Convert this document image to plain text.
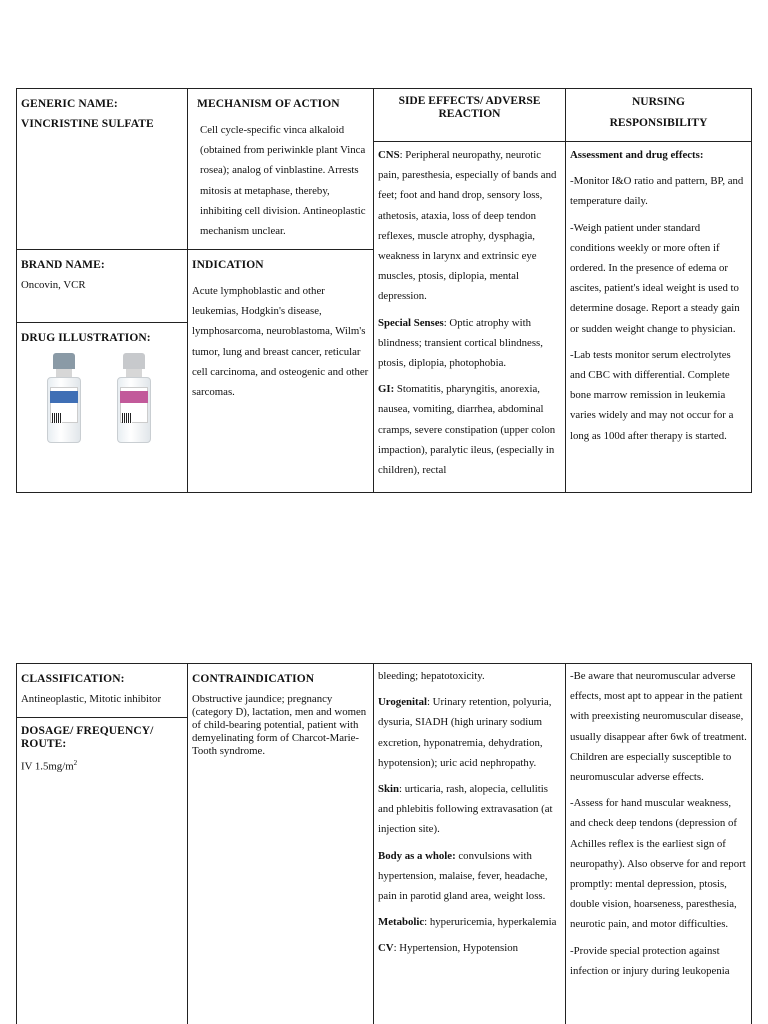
GENERIC NAME:
VINCRISTINE SULFATE
BRAND NAME:
Oncovin, VCR
DRUG ILLUSTRATION:
MECHANISM OF ACTION
Cell cycle-specific vinca alkaloid (obtained from periwinkle plant Vinca rosea); analog of vinblastine. Arrests mitosis at metaphase, thereby, inhibiting cell division. Antineoplastic mechanism unclear.
INDICATION
Acute lymphoblastic and other leukemias, Hodgkin's disease, lymphosarcoma, neuroblastoma, Wilm's tumor, lung and breast cancer, reticular cell carcinoma, and osteogenic and other sarcomas.
SIDE EFFECTS/ ADVERSE REACTION

CNS: Peripheral neuropathy, neurotic pain, paresthesia, especially of bands and feet; foot and hand drop, sensory loss, athetosis, ataxia, loss of deep tendon reflexes, muscle atrophy, dysphagia, weakness in larynx and extrinsic eye muscles, ptosis, diplopia, mental depression.

Special Senses: Optic atrophy with blindness; transient cortical blindness, ptosis, diplopia, photophobia.

GI: Stomatitis, pharyngitis, anorexia, nausea, vomiting, diarrhea, abdominal cramps, severe constipation (upper colon impaction), paralytic ileus, (especially in children), rectal

NURSING
RESPONSIBILITY

Assessment and drug effects:

-Monitor I&O ratio and pattern, BP, and temperature daily.

-Weigh patient under standard conditions weekly or more often if ordered. In the presence of edema or ascites, patient's ideal weight is used to determine dosage. Report a steady gain or sudden weight change to physician.

-Lab tests monitor serum electrolytes and CBC with differential. Complete bone marrow remission in leukemia varies widely and may not occur for a long as 100d after therapy is started.

CLASSIFICATION:
Antineoplastic, Mitotic inhibitor
DOSAGE/ FREQUENCY/ ROUTE:
IV $1.5mg/m^2$
CONTRAINDICATION
Obstructive jaundice; pregnancy (category D), lactation, men and women of child-bearing potential, patient with demyelinating form of Charcot-Marie-Tooth syndrome.

bleeding; hepatotoxicity.

Urogenital: Urinary retention, polyuria, dysuria, SIADH (high urinary sodium excretion, hyponatremia, dehydration, hypotension); uric acid nephropathy.

Skin: urticaria, rash, alopecia, cellulitis and phlebitis following extravasation (at injection site).

Body as a whole: convulsions with hypertension, malaise, fever, headache, pain in parotid gland area, weight loss.

Metabolic: hyperuricemia, hyperkalemia

CV: Hypertension, Hypotension

-Be aware that neuromuscular adverse effects, most apt to appear in the patient with preexisting neuromuscular disease, usually disappear after 6wk of treatment. Children are especially susceptible to neuromuscular adverse effects.

-Assess for hand muscular weakness, and check deep tendons (depression of Achilles reflex is the earliest sign of neuropathy). Also observe for and report promptly: mental depression, ptosis, double vision, hoarseness, paresthesia, neurotic pain, and motor difficulties.

-Provide special protection against infection or injury during leukopenia
